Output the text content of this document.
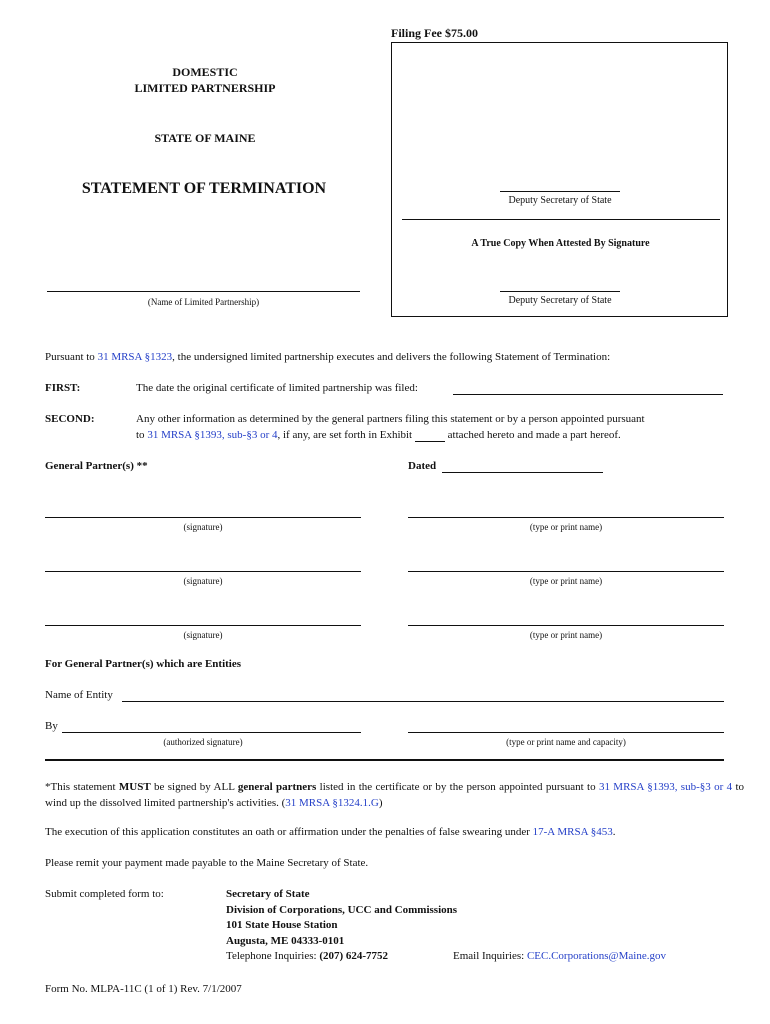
Filing Fee $75.00
DOMESTIC
LIMITED PARTNERSHIP
STATE OF MAINE
STATEMENT OF TERMINATION
(Name of Limited Partnership)
Deputy Secretary of State
A True Copy When Attested By Signature
Deputy Secretary of State
Pursuant to 31 MRSA §1323, the undersigned limited partnership executes and delivers the following Statement of Termination:
FIRST:	The date the original certificate of limited partnership was filed:
SECOND:	Any other information as determined by the general partners filing this statement or by a person appointed pursuant
to 31 MRSA §1393, sub-§3 or 4, if any, are set forth in Exhibit	attached hereto and made a part hereof.
General Partner(s) **	Dated
(signature)	(type or print name)
(signature)	(type or print name)
(signature)	(type or print name)
For General Partner(s) which are Entities
Name of Entity
By
(authorized signature)	(type or print name and capacity)
*This statement MUST be signed by ALL general partners listed in the certificate or by the person appointed pursuant to 31 MRSA §1393, sub-§3 or 4 to wind up the dissolved limited partnership's activities. (31 MRSA §1324.1.G)
The execution of this application constitutes an oath or affirmation under the penalties of false swearing under 17-A MRSA §453.
Please remit your payment made payable to the Maine Secretary of State.
Submit completed form to:	Secretary of State
Division of Corporations, UCC and Commissions
101 State House Station
Augusta, ME 04333-0101
Telephone Inquiries: (207) 624-7752	Email Inquiries: CEC.Corporations@Maine.gov
Form No. MLPA-11C (1 of 1) Rev. 7/1/2007
